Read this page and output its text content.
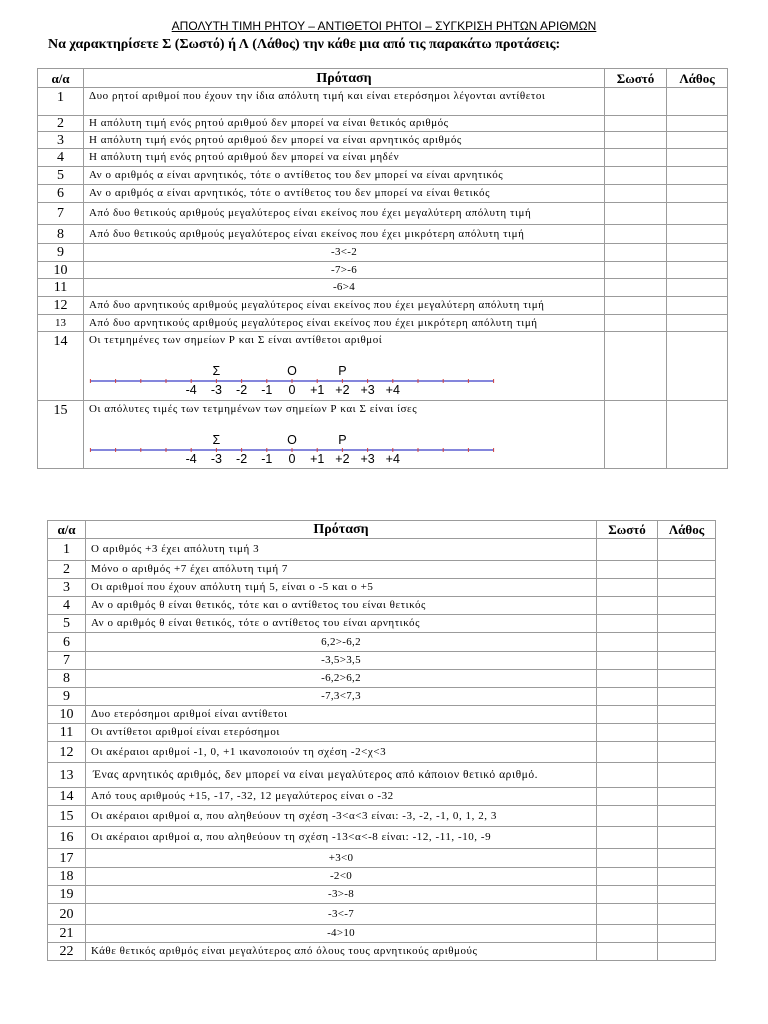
ΑΠΟΛΥΤΗ ΤΙΜΗ ΡΗΤΟΥ – ΑΝΤΙΘΕΤΟΙ ΡΗΤΟΙ – ΣΥΓΚΡΙΣΗ ΡΗΤΩΝ ΑΡΙΘΜΩΝ
Να χαρακτηρίσετε Σ (Σωστό) ή Λ (Λάθος) την κάθε μια από τις παρακάτω προτάσεις:
α/α	Πρόταση	Σωστό	Λάθος
1	Δυο ρητοί αριθμοί που έχουν την ίδια απόλυτη τιμή και είναι ετερόσημοι λέγονται αντίθετοι		
2	Η απόλυτη τιμή ενός ρητού αριθμού δεν μπορεί να είναι θετικός αριθμός		
3	Η απόλυτη τιμή ενός ρητού αριθμού δεν μπορεί να είναι αρνητικός αριθμός		
4	Η απόλυτη τιμή ενός ρητού αριθμού δεν μπορεί να είναι μηδέν		
5	Αν ο αριθμός α είναι αρνητικός, τότε ο αντίθετος του δεν μπορεί να είναι αρνητικός		
6	Αν ο αριθμός α είναι αρνητικός, τότε ο αντίθετος του δεν μπορεί να είναι θετικός		
7	Από δυο θετικούς αριθμούς μεγαλύτερος είναι εκείνος που έχει μεγαλύτερη απόλυτη τιμή		
8	Από δυο θετικούς αριθμούς μεγαλύτερος είναι εκείνος που έχει μικρότερη απόλυτη τιμή		
9	-3<-2		
10	-7>-6		
11	-6>4		
12	Από δυο αρνητικούς αριθμούς μεγαλύτερος είναι εκείνος που έχει μεγαλύτερη απόλυτη τιμή		
13	Από δυο αρνητικούς αριθμούς μεγαλύτερος είναι εκείνος που έχει μικρότερη απόλυτη τιμή		
14	Οι τετμημένες των σημείων Ρ και Σ είναι αντίθετοι αριθμοί		
15	Οι απόλυτες τιμές των τετμημένων των σημείων Ρ και Σ είναι ίσες		
-4 -3 -2 -1 0 +1 +2 +3 +4
Σ	Ο	Ρ
-4 -3 -2 -1 0 +1 +2 +3 +4
Σ	Ο	Ρ
α/α	Πρόταση	Σωστό	Λάθος
1	Ο αριθμός +3 έχει απόλυτη τιμή 3		
2	Μόνο ο αριθμός +7 έχει απόλυτη τιμή 7		
3	Οι αριθμοί που έχουν απόλυτη τιμή 5, είναι ο -5 και ο +5		
4	Αν ο αριθμός θ είναι θετικός, τότε και ο αντίθετος του είναι θετικός		
5	Αν ο αριθμός θ είναι θετικός, τότε ο αντίθετος του είναι αρνητικός		
6	6,2>-6,2		
7	-3,5>3,5		
8	-6,2>6,2		
9	-7,3<7,3		
10	Δυο ετερόσημοι αριθμοί είναι αντίθετοι		
11	Οι αντίθετοι αριθμοί είναι ετερόσημοι		
12	Οι ακέραιοι αριθμοί -1, 0, +1 ικανοποιούν τη σχέση -2<χ<3		
13	Ένας αρνητικός αριθμός, δεν μπορεί να είναι μεγαλύτερος από κάποιον θετικό αριθμό.		
14	Από τους αριθμούς +15, -17, -32, 12 μεγαλύτερος είναι ο -32		
15	Οι ακέραιοι αριθμοί α, που αληθεύουν τη σχέση -3<α<3 είναι: -3, -2, -1, 0, 1, 2, 3		
16	Οι ακέραιοι αριθμοί α, που αληθεύουν τη σχέση -13<α<-8 είναι: -12, -11, -10, -9		
17	+3<0		
18	-2<0		
19	-3>-8		
20	-3<-7		
21	-4>10		
22	Κάθε θετικός αριθμός είναι μεγαλύτερος από όλους τους αρνητικούς αριθμούς		
